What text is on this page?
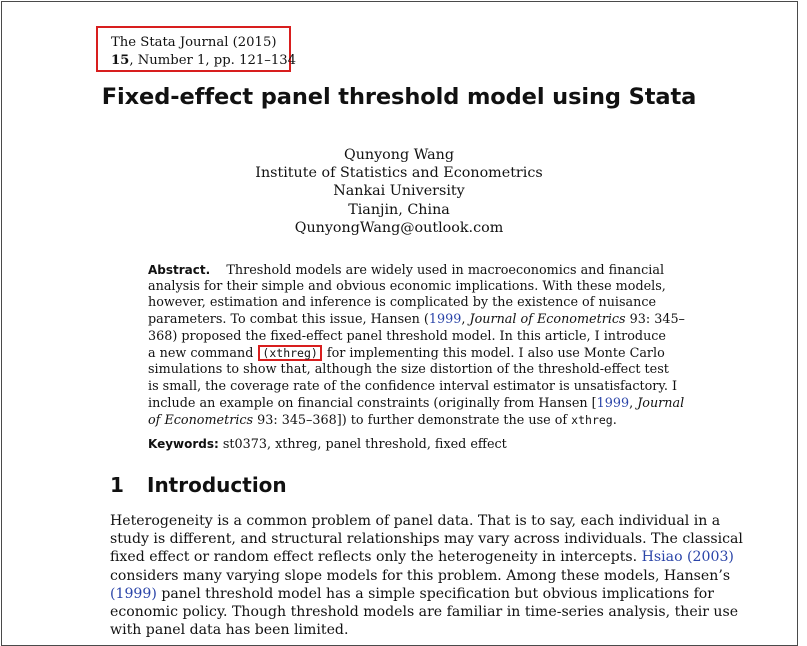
The Stata Journal (2015)
15, Number 1, pp. 121–134
Fixed-effect panel threshold model using Stata
Qunyong Wang
Institute of Statistics and Econometrics
Nankai University
Tianjin, China
QunyongWang@outlook.com
Abstract. Threshold models are widely used in macroeconomics and financial
analysis for their simple and obvious economic implications. With these models,
however, estimation and inference is complicated by the existence of nuisance
parameters. To combat this issue, Hansen (1999, Journal of Econometrics 93: 345–
368) proposed the fixed-effect panel threshold model. In this article, I introduce
a new command (xthreg) for implementing this model. I also use Monte Carlo
simulations to show that, although the size distortion of the threshold-effect test
is small, the coverage rate of the confidence interval estimator is unsatisfactory. I
include an example on financial constraints (originally from Hansen [1999, Journal
of Econometrics 93: 345–368]) to further demonstrate the use of xthreg.
Keywords: st0373, xthreg, panel threshold, fixed effect
1 Introduction
Heterogeneity is a common problem of panel data. That is to say, each individual in a
study is different, and structural relationships may vary across individuals. The classical
fixed effect or random effect reflects only the heterogeneity in intercepts. Hsiao (2003)
considers many varying slope models for this problem. Among these models, Hansen’s
(1999) panel threshold model has a simple specification but obvious implications for
economic policy. Though threshold models are familiar in time-series analysis, their use
with panel data has been limited.
